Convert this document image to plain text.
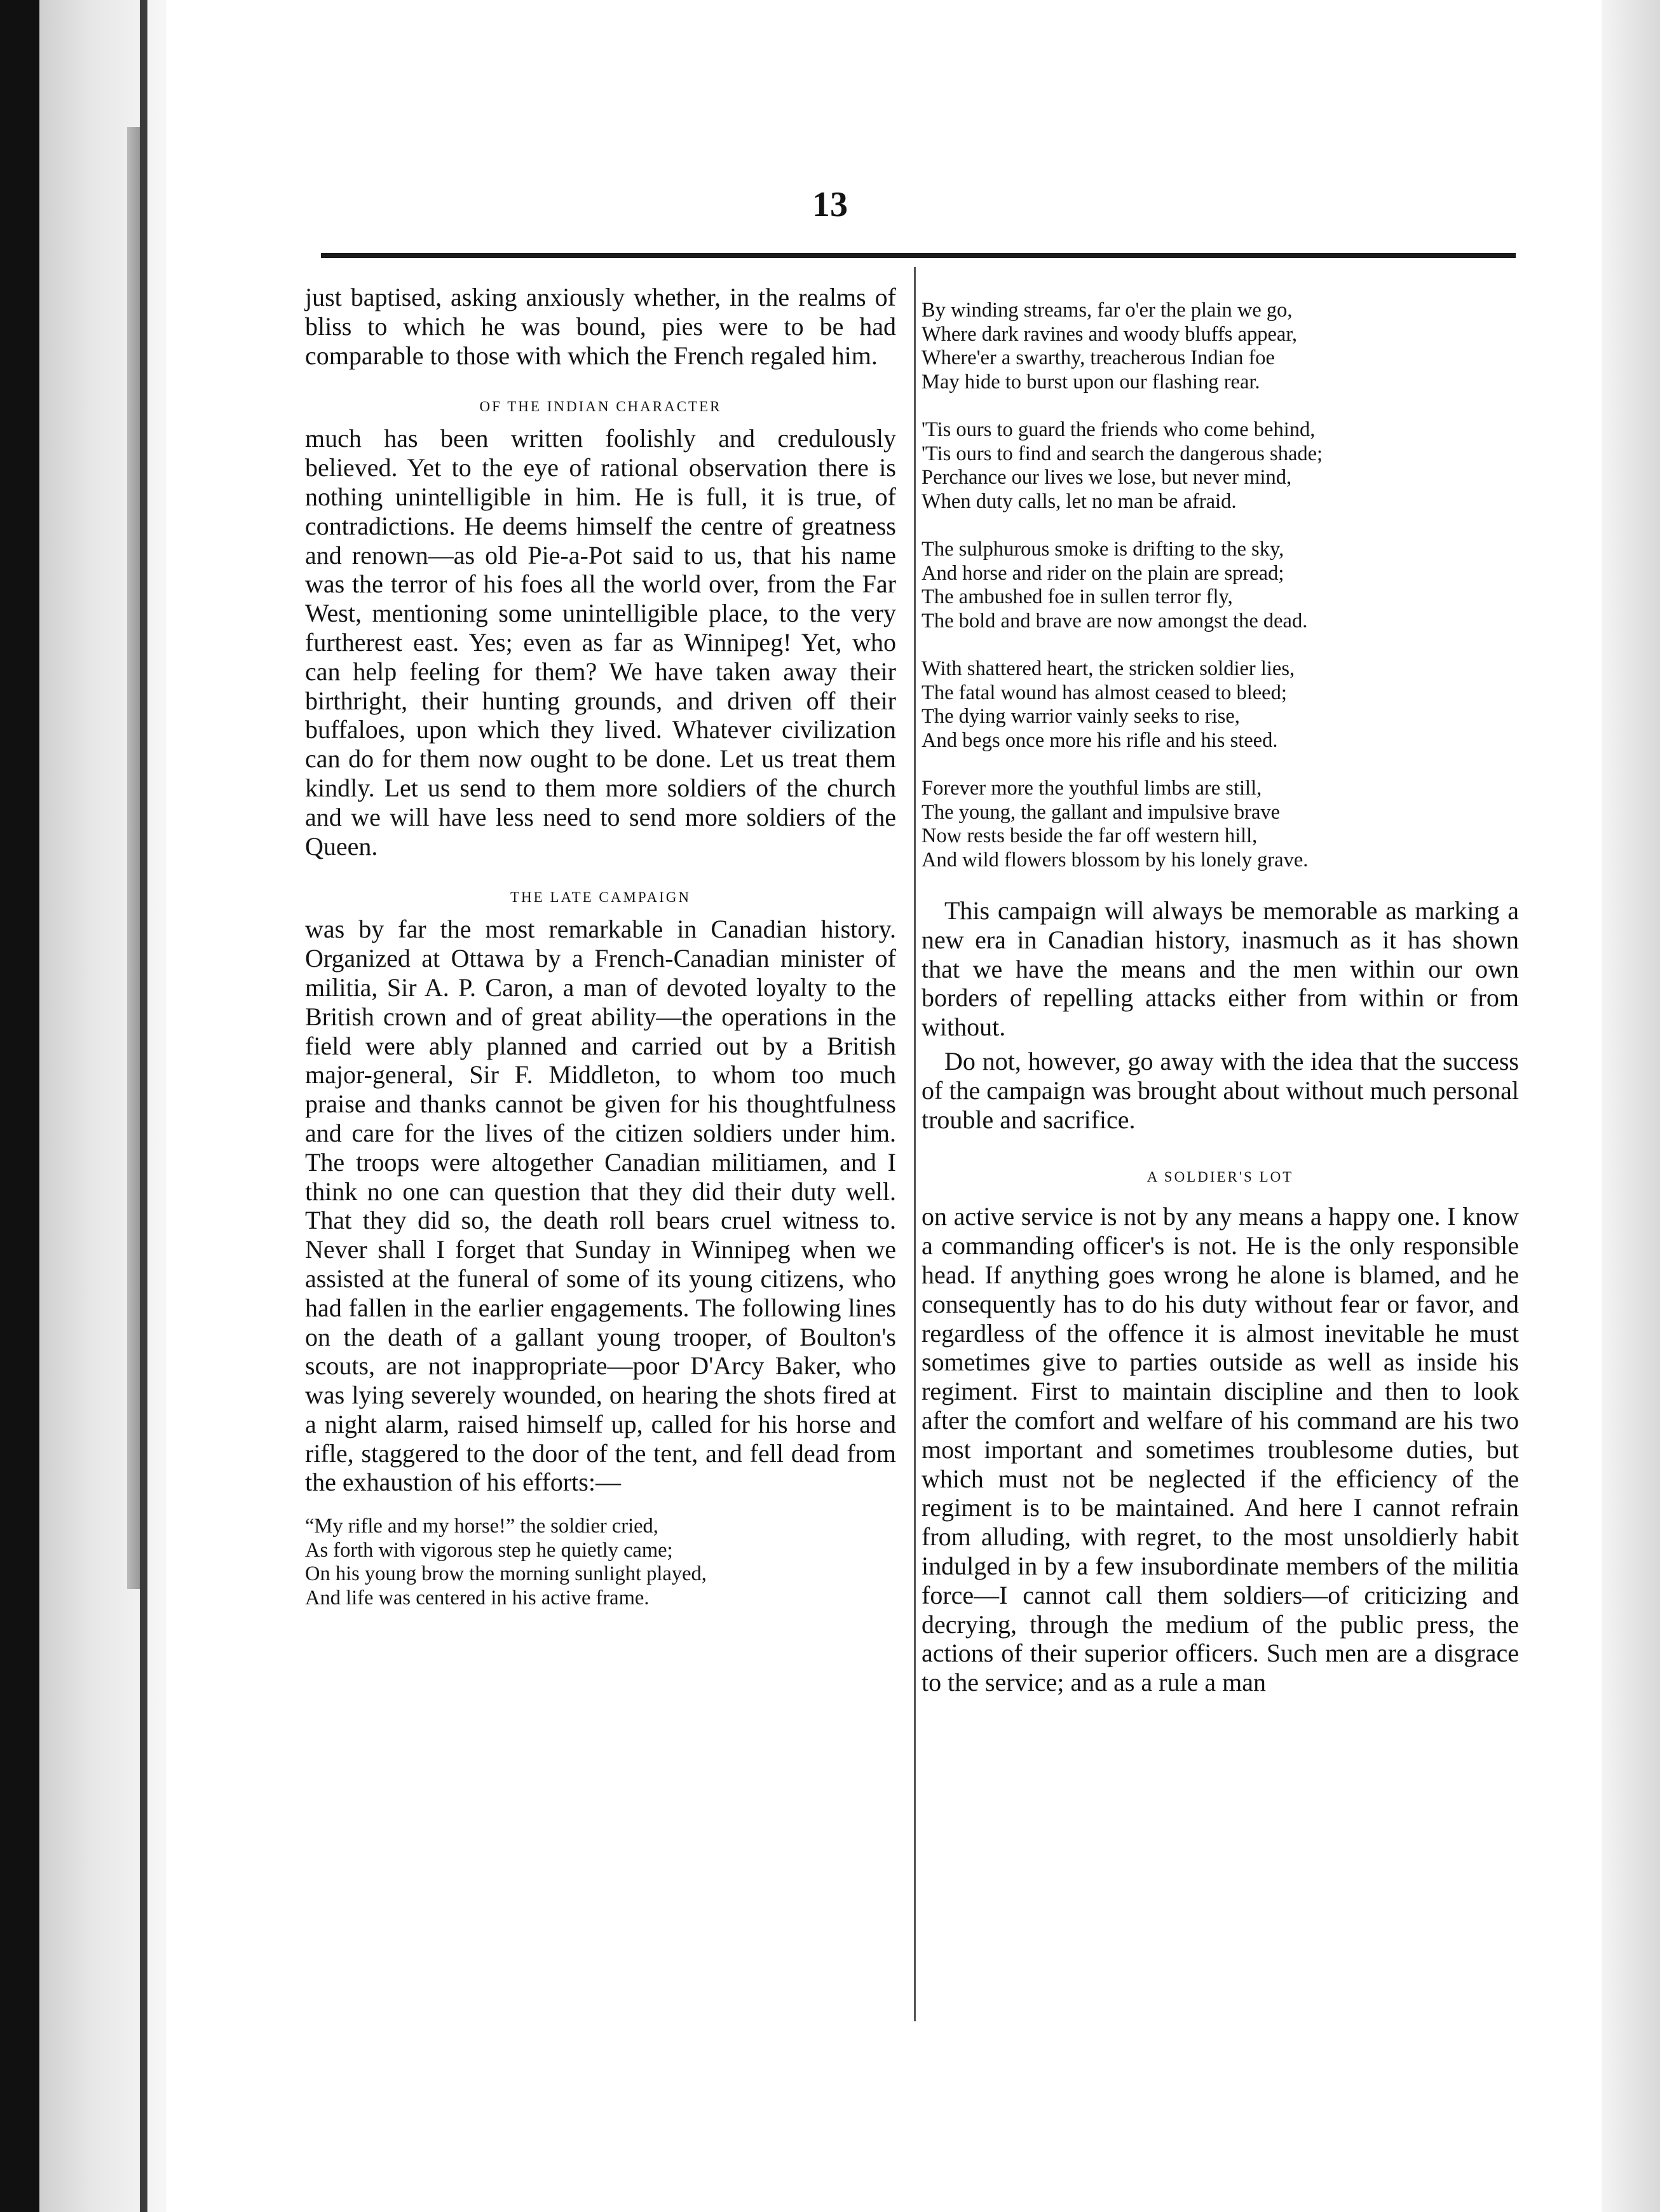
13

just baptised, asking anxiously whether, in the realms of bliss to which he was bound, pies were to be had comparable to those with which the French regaled him.

OF THE INDIAN CHARACTER

much has been written foolishly and credulously believed. Yet to the eye of rational observation there is nothing unintelligible in him. He is full, it is true, of contradictions. He deems himself the centre of greatness and renown—as old Pie-a-Pot said to us, that his name was the terror of his foes all the world over, from the Far West, mentioning some unintelligible place, to the very furtherest east. Yes; even as far as Winnipeg! Yet, who can help feeling for them? We have taken away their birthright, their hunting grounds, and driven off their buffaloes, upon which they lived. Whatever civilization can do for them now ought to be done. Let us treat them kindly. Let us send to them more soldiers of the church and we will have less need to send more soldiers of the Queen.

THE LATE CAMPAIGN

was by far the most remarkable in Canadian history. Organized at Ottawa by a French-Canadian minister of militia, Sir A. P. Caron, a man of devoted loyalty to the British crown and of great ability—the operations in the field were ably planned and carried out by a British major-general, Sir F. Middleton, to whom too much praise and thanks cannot be given for his thoughtfulness and care for the lives of the citizen soldiers under him. The troops were altogether Canadian militiamen, and I think no one can question that they did their duty well. That they did so, the death roll bears cruel witness to. Never shall I forget that Sunday in Winnipeg when we assisted at the funeral of some of its young citizens, who had fallen in the earlier engagements. The following lines on the death of a gallant young trooper, of Boulton's scouts, are not inappropriate—poor D'Arcy Baker, who was lying severely wounded, on hearing the shots fired at a night alarm, raised himself up, called for his horse and rifle, staggered to the door of the tent, and fell dead from the exhaustion of his efforts:—

“My rifle and my horse!” the soldier cried,
As forth with vigorous step he quietly came;
On his young brow the morning sunlight played,
And life was centered in his active frame.
By winding streams, far o'er the plain we go,
Where dark ravines and woody bluffs appear,
Where'er a swarthy, treacherous Indian foe
May hide to burst upon our flashing rear.
'Tis ours to guard the friends who come behind,
'Tis ours to find and search the dangerous shade;
Perchance our lives we lose, but never mind,
When duty calls, let no man be afraid.
The sulphurous smoke is drifting to the sky,
And horse and rider on the plain are spread;
The ambushed foe in sullen terror fly,
The bold and brave are now amongst the dead.
With shattered heart, the stricken soldier lies,
The fatal wound has almost ceased to bleed;
The dying warrior vainly seeks to rise,
And begs once more his rifle and his steed.
Forever more the youthful limbs are still,
The young, the gallant and impulsive brave
Now rests beside the far off western hill,
And wild flowers blossom by his lonely grave.

This campaign will always be memorable as marking a new era in Canadian history, inasmuch as it has shown that we have the means and the men within our own borders of repelling attacks either from within or from without.

Do not, however, go away with the idea that the success of the campaign was brought about without much personal trouble and sacrifice.

A SOLDIER'S LOT

on active service is not by any means a happy one. I know a commanding officer's is not. He is the only responsible head. If anything goes wrong he alone is blamed, and he consequently has to do his duty without fear or favor, and regardless of the offence it is almost inevitable he must sometimes give to parties outside as well as inside his regiment. First to maintain discipline and then to look after the comfort and welfare of his command are his two most important and sometimes troublesome duties, but which must not be neglected if the efficiency of the regiment is to be maintained. And here I cannot refrain from alluding, with regret, to the most unsoldierly habit indulged in by a few insubordinate members of the militia force—I cannot call them soldiers—of criticizing and decrying, through the medium of the public press, the actions of their superior officers. Such men are a disgrace to the service; and as a rule a man
